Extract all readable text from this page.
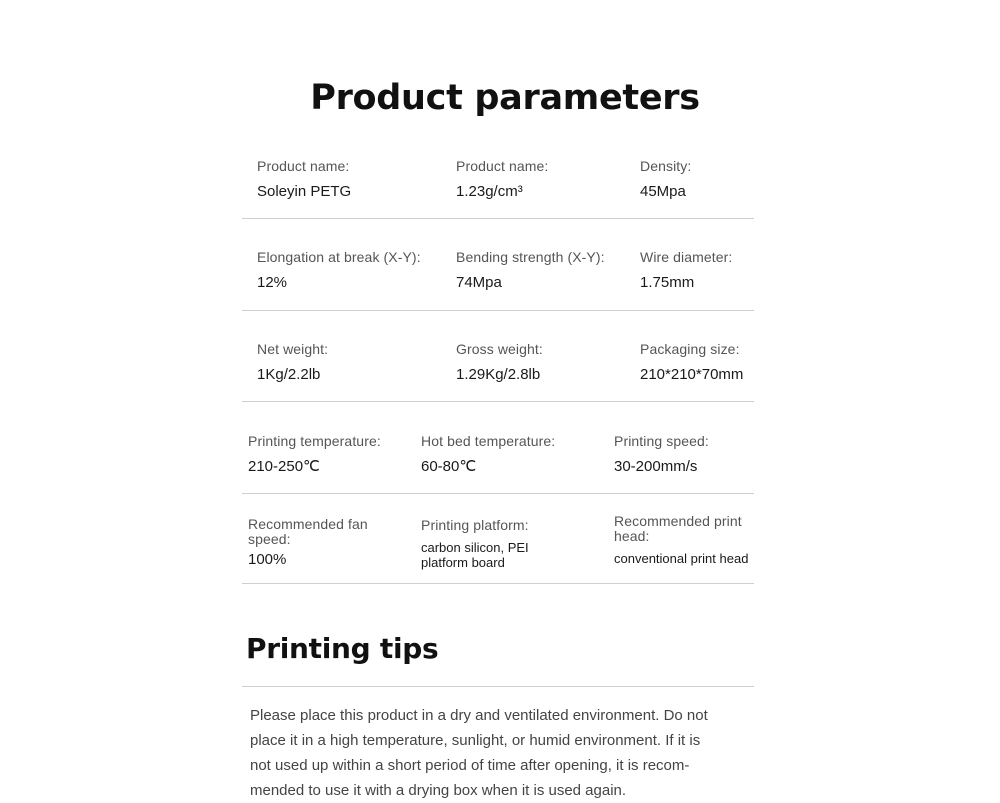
Product parameters
Product name:
Soleyin PETG
Product name:
1.23g/cm³
Density:
45Mpa
Elongation at break (X-Y):
12%
Bending strength (X-Y):
74Mpa
Wire diameter:
1.75mm
Net weight:
1Kg/2.2lb
Gross weight:
1.29Kg/2.8lb
Packaging size:
210*210*70mm
Printing temperature:
210-250℃
Hot bed temperature:
60-80℃
Printing speed:
30-200mm/s
Recommended fan speed:
100%
Printing platform:
carbon silicon, PEI platform board
Recommended print head:
conventional print head
Printing tips

Please place this product in a dry and ventilated environment. Do not
place it in a high temperature, sunlight, or humid environment. If it is
not used up within a short period of time after opening, it is recom-
mended to use it with a drying box when it is used again.
